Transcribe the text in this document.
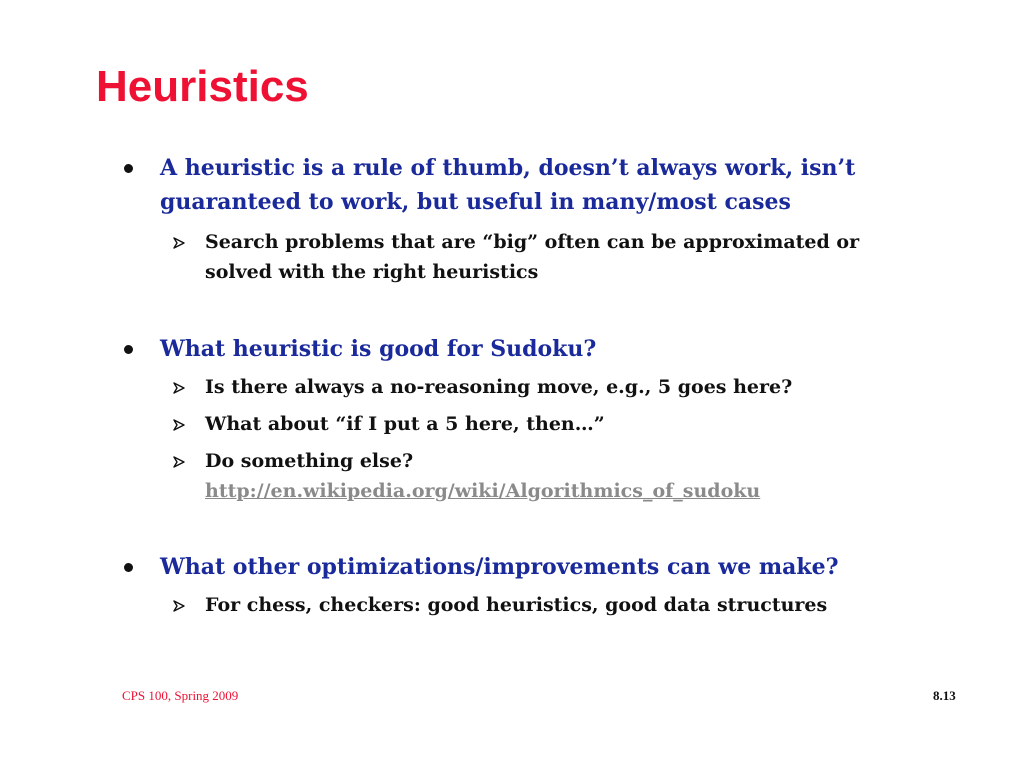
Heuristics
A heuristic is a rule of thumb, doesn’t always work, isn’t guaranteed to work, but useful in many/most cases
Search problems that are “big” often can be approximated or solved with the right heuristics
What heuristic is good for Sudoku?
Is there always a no-reasoning move, e.g., 5 goes here?
What about “if I put a 5 here, then…”
Do something else?
http://en.wikipedia.org/wiki/Algorithmics_of_sudoku
What other optimizations/improvements can we make?
For chess, checkers: good heuristics, good data structures
CPS 100, Spring 2009	8.13
